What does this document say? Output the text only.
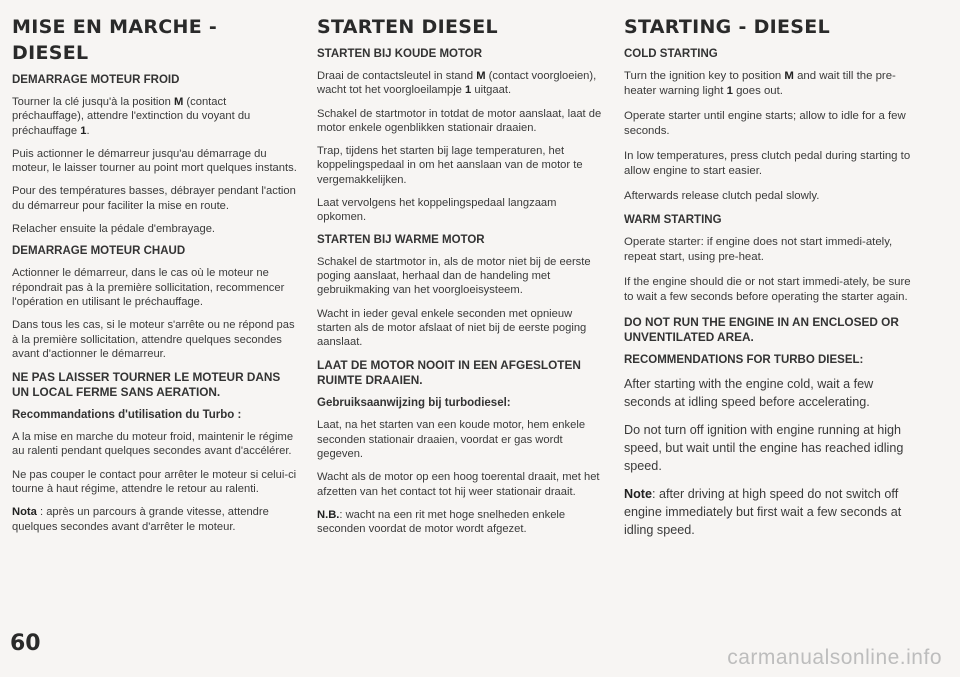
MISE EN MARCHE - DIESEL
DEMARRAGE MOTEUR FROID
Tourner la clé jusqu'à la position M (contact préchauffage), attendre l'extinction du voyant du préchauffage 1.
Puis actionner le démarreur jusqu'au démarrage du moteur, le laisser tourner au point mort quelques instants.
Pour des températures basses, débrayer pendant l'action du démarreur pour faciliter la mise en route.
Relacher ensuite la pédale d'embrayage.
DEMARRAGE MOTEUR CHAUD
Actionner le démarreur, dans le cas où le moteur ne répondrait pas à la première sollicitation, recommencer l'opération en utilisant le préchauffage.
Dans tous les cas, si le moteur s'arrête ou ne répond pas à la première sollicitation, attendre quelques secondes avant d'actionner le démarreur.
NE PAS LAISSER TOURNER LE MOTEUR DANS UN LOCAL FERME SANS AERATION.
Recommandations d'utilisation du Turbo :
A la mise en marche du moteur froid, maintenir le régime au ralenti pendant quelques secondes avant d'accélérer.
Ne pas couper le contact pour arrêter le moteur si celui-ci tourne à haut régime, attendre le retour au ralenti.
Nota : après un parcours à grande vitesse, attendre quelques secondes avant d'arrêter le moteur.
STARTEN DIESEL
STARTEN BIJ KOUDE MOTOR
Draai de contactsleutel in stand M (contact voorgloeien), wacht tot het voorgloeilampje 1 uitgaat.
Schakel de startmotor in totdat de motor aanslaat, laat de motor enkele ogenblikken stationair draaien.
Trap, tijdens het starten bij lage temperaturen, het koppelingspedaal in om het aanslaan van de motor te vergemakkelijken.
Laat vervolgens het koppelingspedaal langzaam opkomen.
STARTEN BIJ WARME MOTOR
Schakel de startmotor in, als de motor niet bij de eerste poging aanslaat, herhaal dan de handeling met gebruikmaking van het voorgloeisysteem.
Wacht in ieder geval enkele seconden met opnieuw starten als de motor afslaat of niet bij de eerste poging aanslaat.
LAAT DE MOTOR NOOIT IN EEN AFGESLOTEN RUIMTE DRAAIEN.
Gebruiksaanwijzing bij turbodiesel:
Laat, na het starten van een koude motor, hem enkele seconden stationair draaien, voordat er gas wordt gegeven.
Wacht als de motor op een hoog toerental draait, met het afzetten van het contact tot hij weer stationair draait.
N.B.: wacht na een rit met hoge snelheden enkele seconden voordat de motor wordt afgezet.
STARTING - DIESEL
COLD STARTING
Turn the ignition key to position M and wait till the pre-heater warning light 1 goes out.
Operate starter until engine starts; allow to idle for a few seconds.
In low temperatures, press clutch pedal during starting to allow engine to start easier.
Afterwards release clutch pedal slowly.
WARM STARTING
Operate starter: if engine does not start immedi-ately, repeat start, using pre-heat.
If the engine should die or not start immedi-ately, be sure to wait a few seconds before operating the starter again.
DO NOT RUN THE ENGINE IN AN ENCLOSED OR UNVENTILATED AREA.
RECOMMENDATIONS FOR TURBO DIESEL:
After starting with the engine cold, wait a few seconds at idling speed before accelerating.
Do not turn off ignition with engine running at high speed, but wait until the engine has reached idling speed.
Note: after driving at high speed do not switch off engine immediately but first wait a few seconds at idling speed.
60
carmanualsonline.info
